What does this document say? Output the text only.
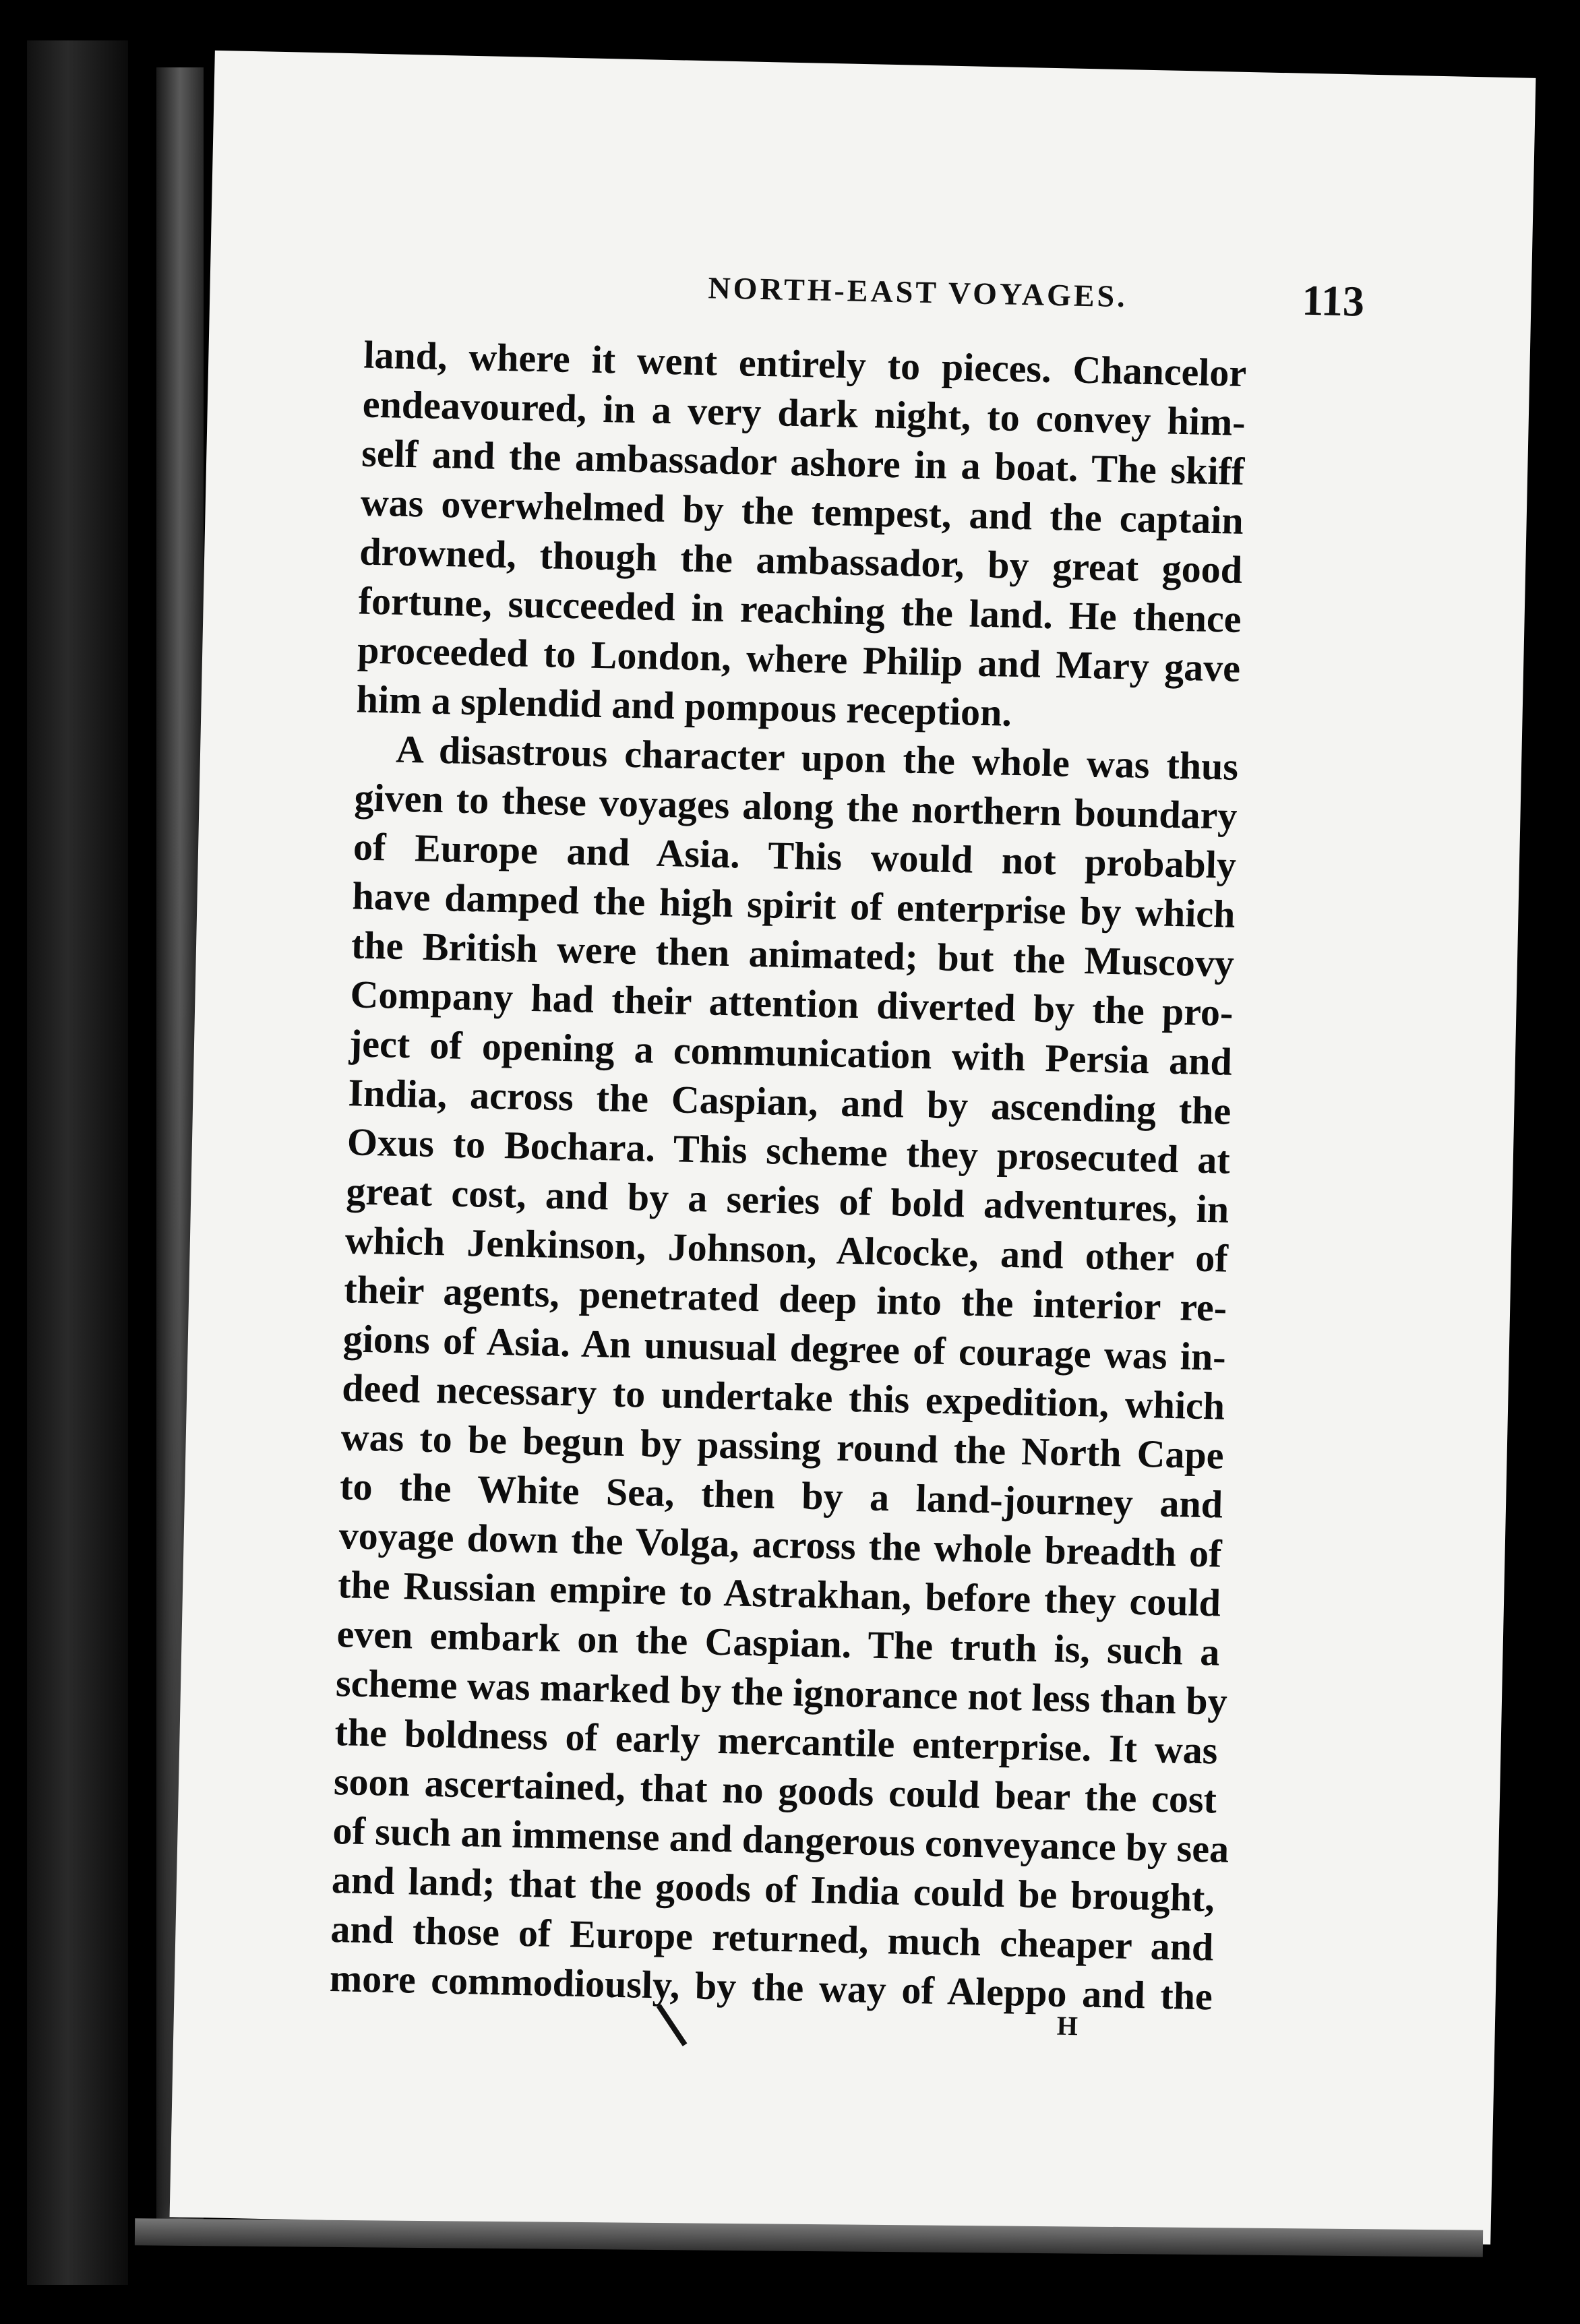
NORTH-EAST VOYAGES.	113
land, where it went entirely to pieces. Chancelor
endeavoured, in a very dark night, to convey him-
self and the ambassador ashore in a boat. The skiff
was overwhelmed by the tempest, and the captain
drowned, though the ambassador, by great good
fortune, succeeded in reaching the land. He thence
proceeded to London, where Philip and Mary gave
him a splendid and pompous reception.
A disastrous character upon the whole was thus
given to these voyages along the northern boundary
of Europe and Asia. This would not probably
have damped the high spirit of enterprise by which
the British were then animated; but the Muscovy
Company had their attention diverted by the pro-
ject of opening a communication with Persia and
India, across the Caspian, and by ascending the
Oxus to Bochara. This scheme they prosecuted at
great cost, and by a series of bold adventures, in
which Jenkinson, Johnson, Alcocke, and other of
their agents, penetrated deep into the interior re-
gions of Asia. An unusual degree of courage was in-
deed necessary to undertake this expedition, which
was to be begun by passing round the North Cape
to the White Sea, then by a land-journey and
voyage down the Volga, across the whole breadth of
the Russian empire to Astrakhan, before they could
even embark on the Caspian. The truth is, such a
scheme was marked by the ignorance not less than by
the boldness of early mercantile enterprise. It was
soon ascertained, that no goods could bear the cost
of such an immense and dangerous conveyance by sea
and land; that the goods of India could be brought,
and those of Europe returned, much cheaper and
more commodiously, by the way of Aleppo and the
H
